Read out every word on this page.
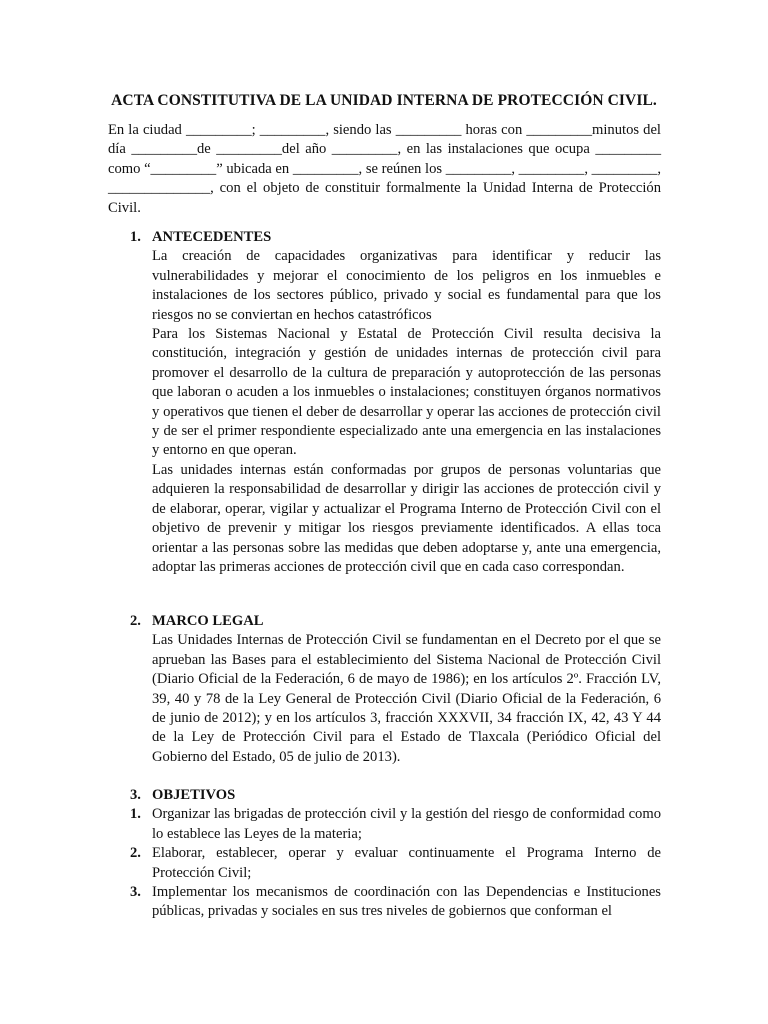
ACTA CONSTITUTIVA DE LA UNIDAD INTERNA DE PROTECCIÓN CIVIL.
En la ciudad _________; _________, siendo las _________ horas con _________minutos del día _________de _________del año _________, en las instalaciones que ocupa _________ como “_________” ubicada en _________, se reúnen los _________, _________, _________, ______________, con el objeto de constituir formalmente la Unidad Interna de Protección Civil.
1. ANTECEDENTES

La creación de capacidades organizativas para identificar y reducir las vulnerabilidades y mejorar el conocimiento de los peligros en los inmuebles e instalaciones de los sectores público, privado y social es fundamental para que los riesgos no se conviertan en hechos catastróficos

Para los Sistemas Nacional y Estatal de Protección Civil resulta decisiva la constitución, integración y gestión de unidades internas de protección civil para promover el desarrollo de la cultura de preparación y autoprotección de las personas que laboran o acuden a los inmuebles o instalaciones; constituyen órganos normativos y operativos que tienen el deber de desarrollar y operar las acciones de protección civil y de ser el primer respondiente especializado ante una emergencia en las instalaciones y entorno en que operan.

Las unidades internas están conformadas por grupos de personas voluntarias que adquieren la responsabilidad de desarrollar y dirigir las acciones de protección civil y de elaborar, operar, vigilar y actualizar el Programa Interno de Protección Civil con el objetivo de prevenir y mitigar los riesgos previamente identificados. A ellas toca orientar a las personas sobre las medidas que deben adoptarse y, ante una emergencia, adoptar las primeras acciones de protección civil que en cada caso correspondan.

2. MARCO LEGAL

Las Unidades Internas de Protección Civil se fundamentan en el Decreto por el que se aprueban las Bases para el establecimiento del Sistema Nacional de Protección Civil (Diario Oficial de la Federación, 6 de mayo de 1986); en los artículos 2º. Fracción LV, 39, 40 y 78 de la Ley General de Protección Civil (Diario Oficial de la Federación, 6 de junio de 2012); y en los artículos 3, fracción XXXVII, 34 fracción IX, 42, 43 Y 44 de la Ley de Protección Civil para el Estado de Tlaxcala (Periódico Oficial del Gobierno del Estado, 05 de julio de 2013).

3. OBJETIVOS
1. Organizar las brigadas de protección civil y la gestión del riesgo de conformidad como lo establece las Leyes de la materia;
2. Elaborar, establecer, operar y evaluar continuamente el Programa Interno de Protección Civil;
3. Implementar los mecanismos de coordinación con las Dependencias e Instituciones públicas, privadas y sociales en sus tres niveles de gobiernos que conforman el
